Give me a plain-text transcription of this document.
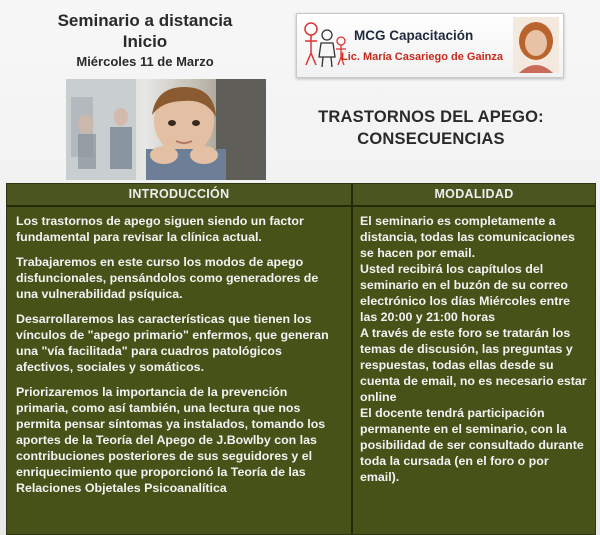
Seminario a distancia
Inicio
Miércoles 11 de Marzo
MCG Capacitación
Lic. María Casariego de Gainza
TRASTORNOS DEL APEGO:
CONSECUENCIAS
INTRODUCCIÓN

Los trastornos de apego siguen siendo un factor fundamental para revisar la clínica actual.

Trabajaremos en este curso los modos de apego disfuncionales, pensándolos como generadores de una vulnerabilidad psíquica.

Desarrollaremos las características que tienen los vínculos de "apego primario" enfermos, que generan una "vía facilitada" para cuadros patológicos afectivos, sociales y somáticos.

Priorizaremos la importancia de la prevención primaria, como así también, una lectura que nos permita pensar síntomas ya instalados, tomando los aportes de la Teoría del Apego de J.Bowlby con las contribuciones posteriores de sus seguidores y el enriquecimiento que proporcionó la Teoría de las Relaciones Objetales Psicoanalítica

MODALIDAD

El seminario es completamente a distancia, todas las comunicaciones se hacen por email.

Usted recibirá los capítulos del seminario en el buzón de su correo electrónico los días Miércoles entre las 20:00 y 21:00 horas

A través de este foro se tratarán los temas de discusión, las preguntas y respuestas, todas ellas desde su cuenta de email, no es necesario estar online

El docente tendrá participación permanente en el seminario, con la posibilidad de ser consultado durante toda la cursada (en el foro o por email).
